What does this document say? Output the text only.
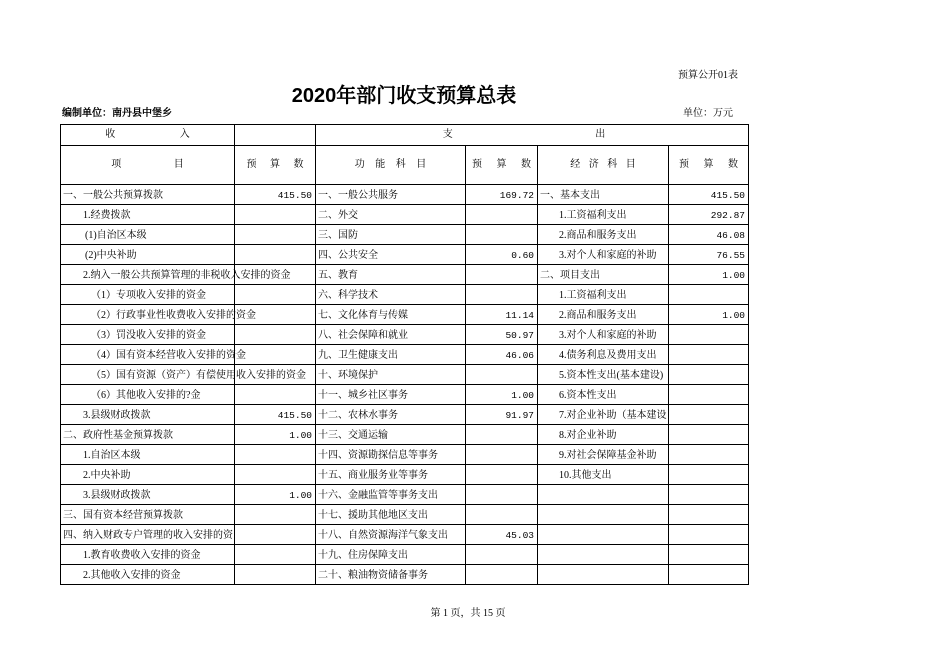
预算公开01表
2020年部门收支预算总表
编制单位：南丹县中堡乡	单位：万元
收 入		支 出			

项 目	预 算 数	功 能 科 目	预 算 数	经 济 科 目	预 算 数

一、一般公共预算拨款	415.50	一、一般公共服务	169.72	一、基本支出	415.50

1.经费拨款		二、外交		1.工资福利支出	292.87

(1)自治区本级		三、国防		2.商品和服务支出	46.08

(2)中央补助		四、公共安全	0.60	3.对个人和家庭的补助	76.55

2.纳入一般公共预算管理的非税收入安排的资金		五、教育		二、项目支出	1.00

（1）专项收入安排的资金		六、科学技术		1.工资福利支出	

（2）行政事业性收费收入安排的资金		七、文化体育与传媒	11.14	2.商品和服务支出	1.00

（3）罚没收入安排的资金		八、社会保障和就业	50.97	3.对个人和家庭的补助	

（4）国有资本经营收入安排的资金		九、卫生健康支出	46.06	4.债务利息及费用支出	

（5）国有资源（资产）有偿使用收入安排的资金		十、环境保护		5.资本性支出(基本建设)	

（6）其他收入安排的?金		十一、城乡社区事务	1.00	6.资本性支出	

3.县级财政拨款	415.50	十二、农林水事务	91.97	7.对企业补助（基本建设	

二、政府性基金预算拨款	1.00	十三、交通运输		8.对企业补助	

1.自治区本级		十四、资源勘探信息等事务		9.对社会保障基金补助	

2.中央补助		十五、商业服务业等事务		10.其他支出	

3.县级财政拨款	1.00	十六、金融监管等事务支出			

三、国有资本经营预算拨款		十七、援助其他地区支出			

四、纳入财政专户管理的收入安排的资		十八、自然资源海洋气象支出	45.03		

1.教育收费收入安排的资金		十九、住房保障支出			

2.其他收入安排的资金		二十、粮油物资储备事务			

第 1 页，共 15 页
